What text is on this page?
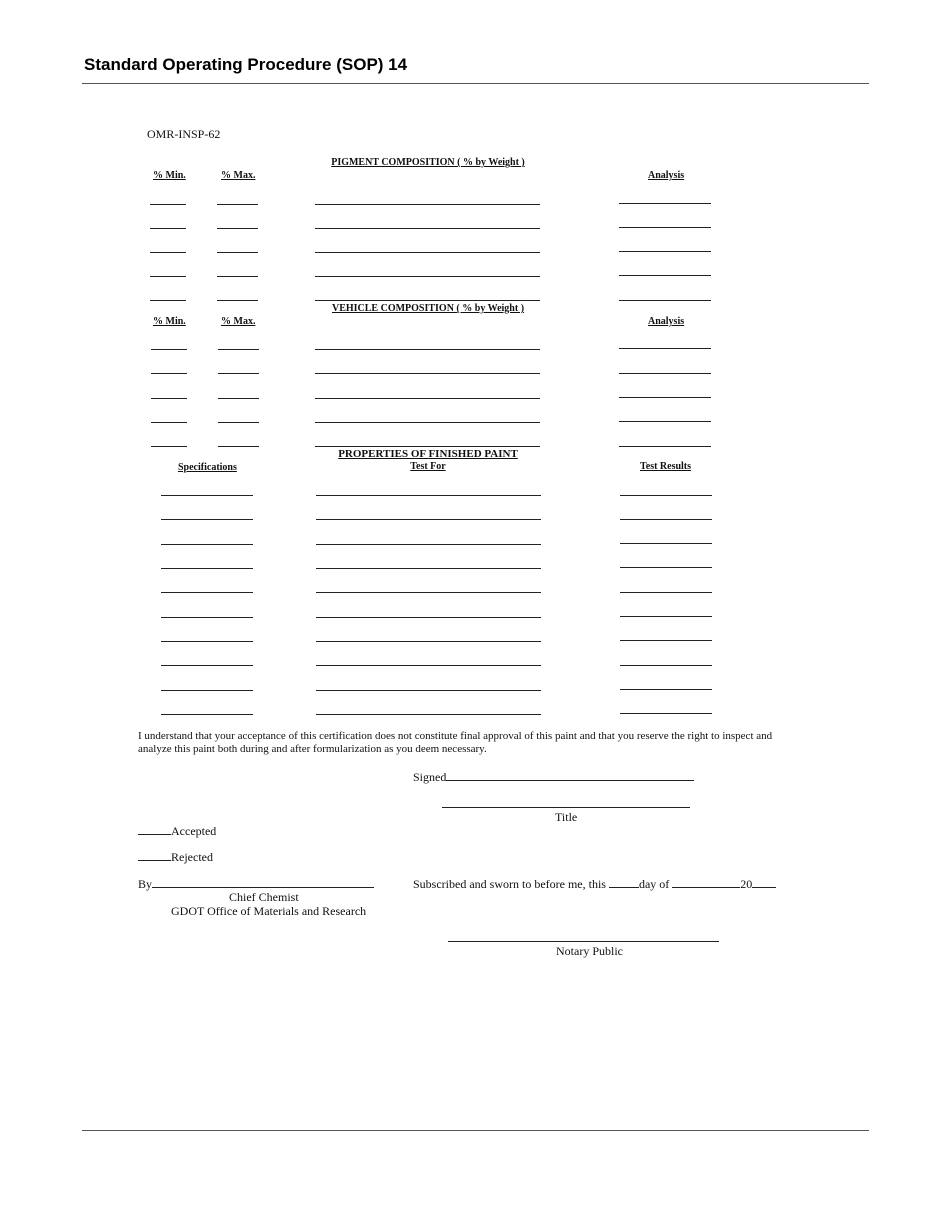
Standard Operating Procedure (SOP) 14
OMR-INSP-62
PIGMENT COMPOSITION ( % by Weight )
% Min.	% Max.	Analysis
VEHICLE COMPOSITION ( % by Weight )
% Min.	% Max.	Analysis
PROPERTIES OF FINISHED PAINT
Specifications	Test For	Test Results
I understand that your acceptance of this certification does not constitute final approval of this paint and that you reserve the right to inspect and analyze this paint both during and after formularization as you deem necessary.
Signed
Title
Accepted
Rejected
By
Chief Chemist
GDOT Office of Materials and Research
Subscribed and sworn to before me, this	day of	20
Notary Public
